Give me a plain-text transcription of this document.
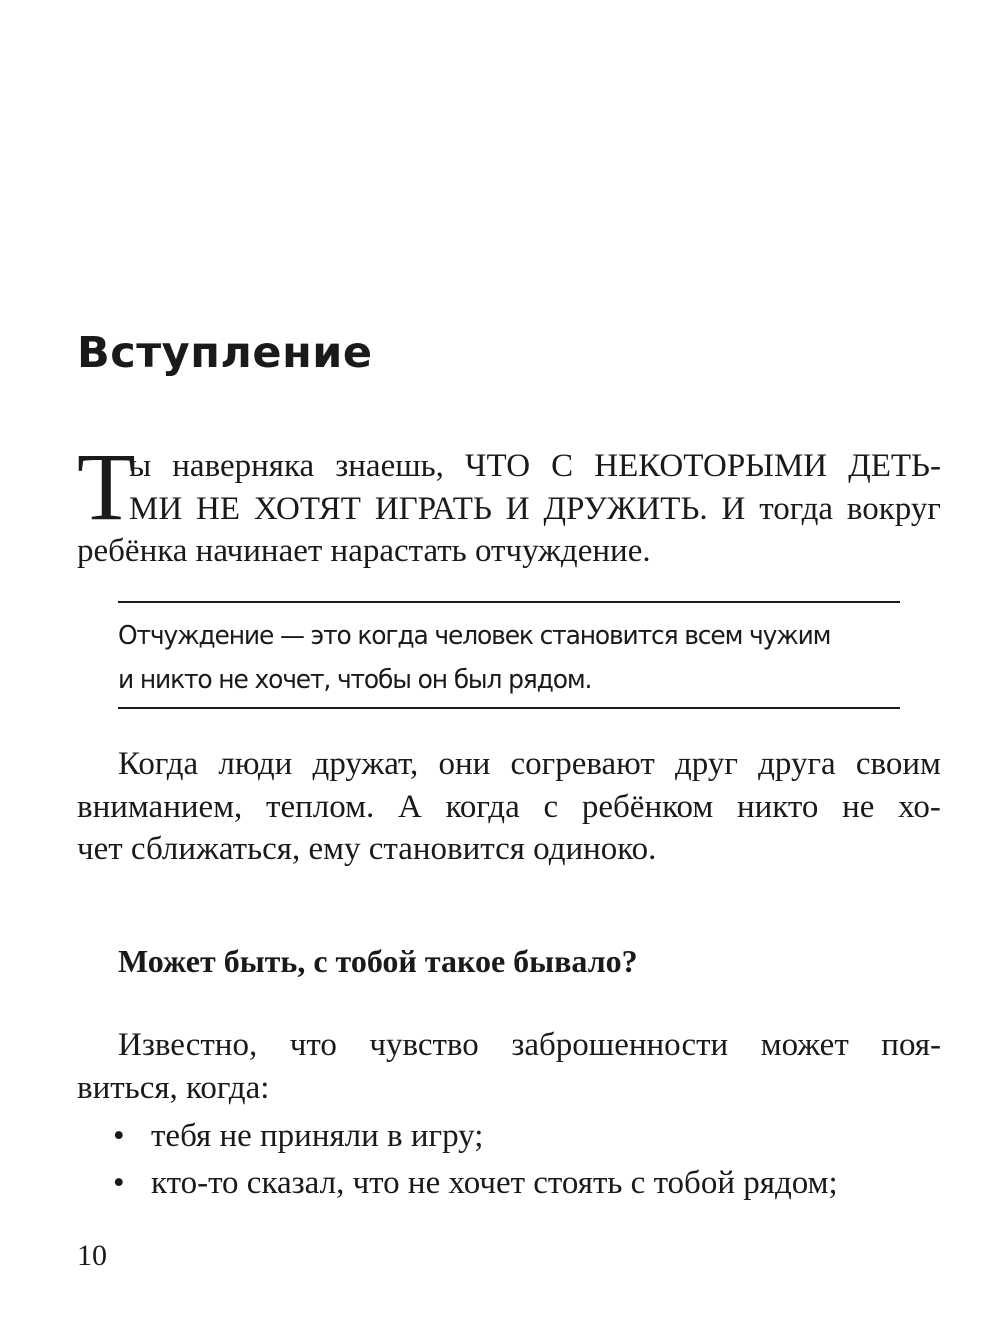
Вступление
Т
ы наверняка знаешь, ЧТО С НЕКОТОРЫМИ ДЕТЬ-
МИ НЕ ХОТЯТ ИГРАТЬ И ДРУЖИТЬ. И тогда вокруг
ребёнка начинает нарастать отчуждение.
Отчуждение — это когда человек становится всем чужим
и никто не хочет, чтобы он был рядом.
Когда люди дружат, они согревают друг друга своим
вниманием, теплом. А когда с ребёнком никто не хо-
чет сближаться, ему становится одиноко.
Может быть, с тобой такое бывало?
Известно, что чувство заброшенности может поя-
виться, когда:
• тебя не приняли в игру;
• кто-то сказал, что не хочет стоять с тобой рядом;

10
